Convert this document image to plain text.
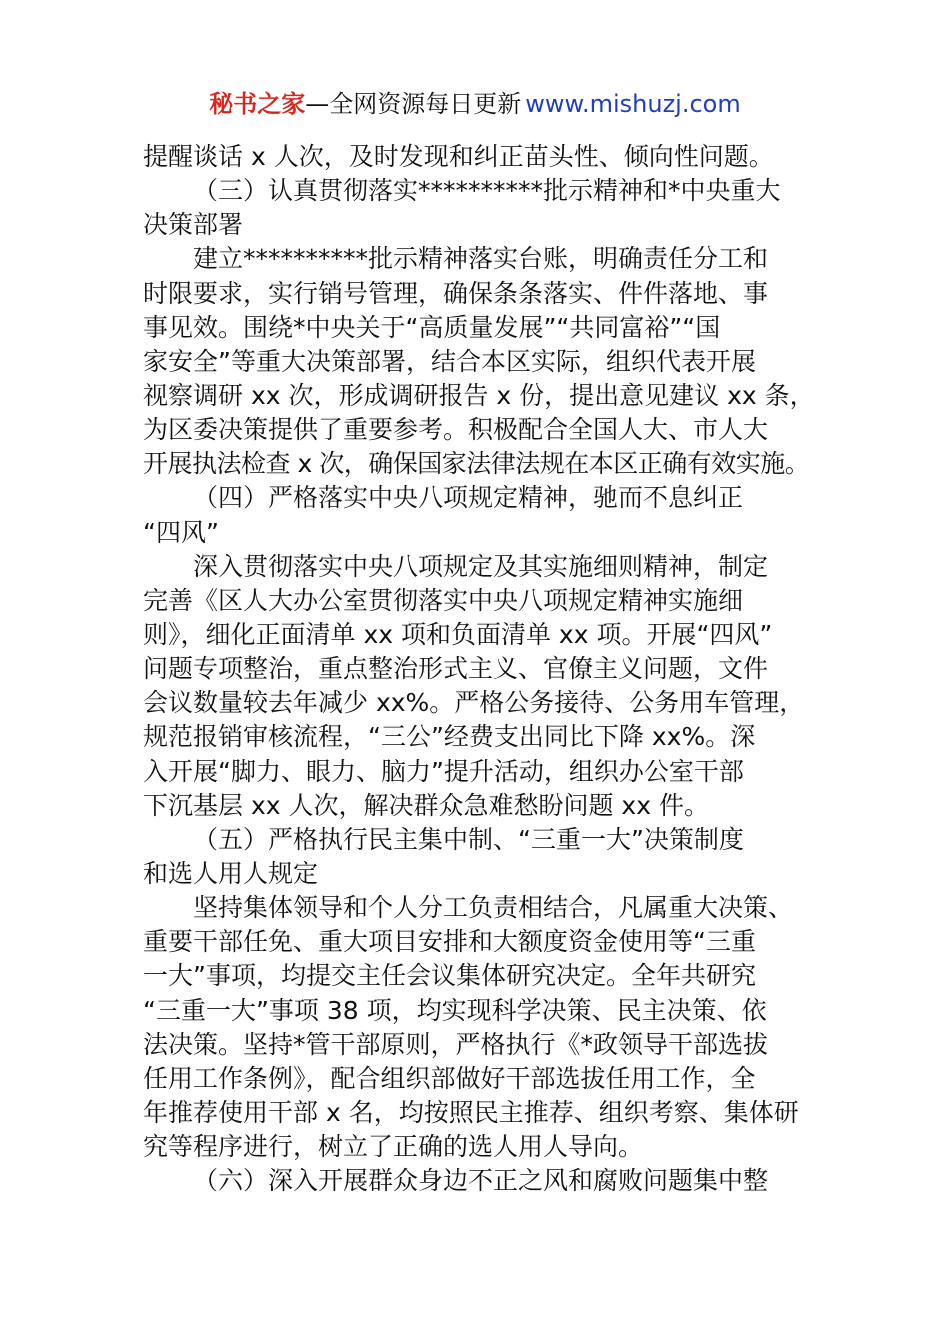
秘书之家—全网资源每日更新 www.mishuzj.com
提醒谈话 x 人次，及时发现和纠正苗头性、倾向性问题。
（三）认真贯彻落实**********批示精神和*中央重大
决策部署
建立**********批示精神落实台账，明确责任分工和
时限要求，实行销号管理，确保条条落实、件件落地、事
事见效。围绕*中央关于“高质量发展”“共同富裕”“国
家安全”等重大决策部署，结合本区实际，组织代表开展
视察调研 xx 次，形成调研报告 x 份，提出意见建议 xx 条，
为区委决策提供了重要参考。积极配合全国人大、市人大
开展执法检查 x 次，确保国家法律法规在本区正确有效实施。
（四）严格落实中央八项规定精神，驰而不息纠正
“四风”
深入贯彻落实中央八项规定及其实施细则精神，制定
完善《区人大办公室贯彻落实中央八项规定精神实施细
则》，细化正面清单 xx 项和负面清单 xx 项。开展“四风”
问题专项整治，重点整治形式主义、官僚主义问题，文件
会议数量较去年减少 xx%。严格公务接待、公务用车管理，
规范报销审核流程，“三公”经费支出同比下降 xx%。深
入开展“脚力、眼力、脑力”提升活动，组织办公室干部
下沉基层 xx 人次，解决群众急难愁盼问题 xx 件。
（五）严格执行民主集中制、“三重一大”决策制度
和选人用人规定
坚持集体领导和个人分工负责相结合，凡属重大决策、
重要干部任免、重大项目安排和大额度资金使用等“三重
一大”事项，均提交主任会议集体研究决定。全年共研究
“三重一大”事项 38 项，均实现科学决策、民主决策、依
法决策。坚持*管干部原则，严格执行《*政领导干部选拔
任用工作条例》，配合组织部做好干部选拔任用工作，全
年推荐使用干部 x 名，均按照民主推荐、组织考察、集体研
究等程序进行，树立了正确的选人用人导向。
（六）深入开展群众身边不正之风和腐败问题集中整
